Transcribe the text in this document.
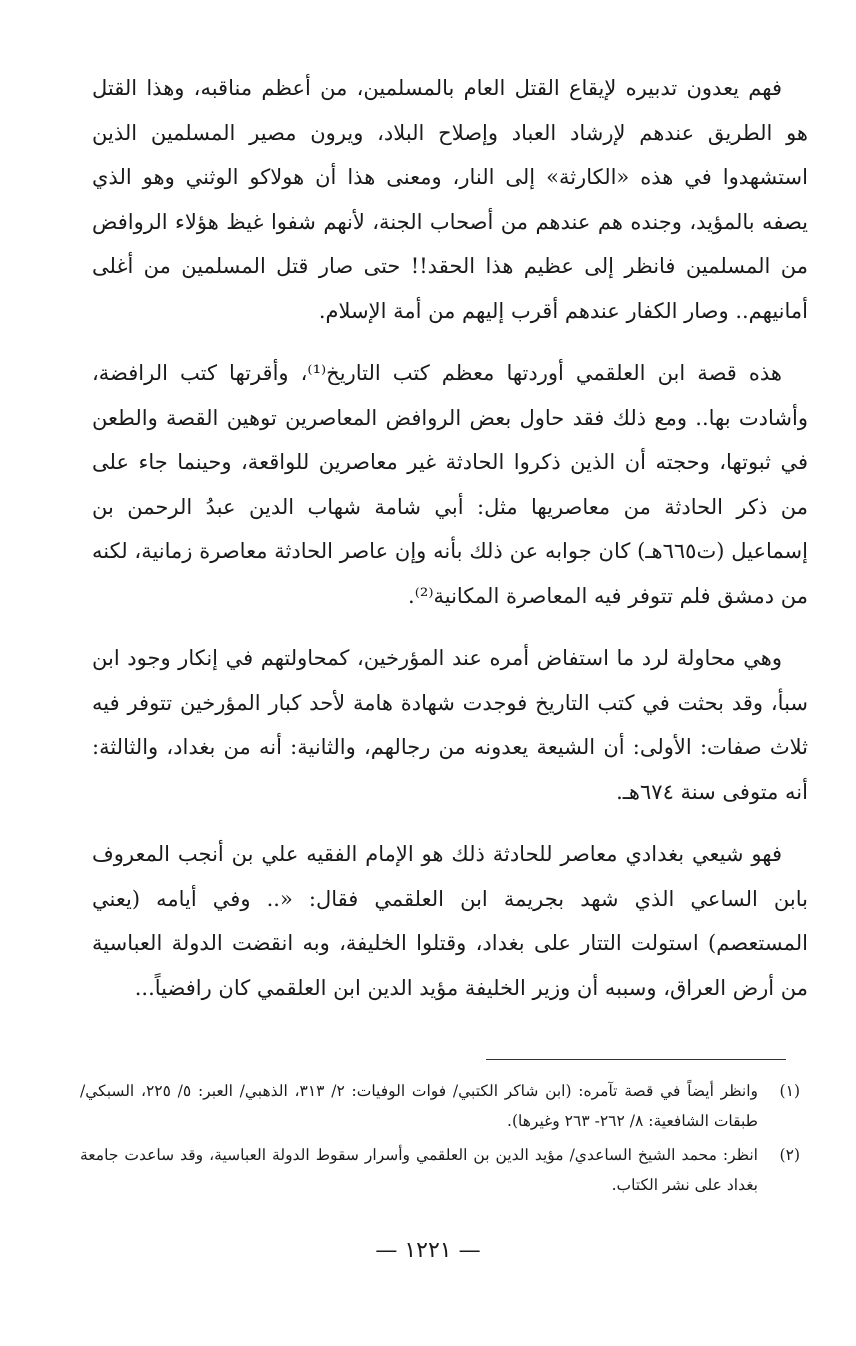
فهم يعدون تدبيره لإيقاع القتل العام بالمسلمين، من أعظم مناقبه، وهذا القتل هو الطريق عندهم لإرشاد العباد وإصلاح البلاد، ويرون مصير المسلمين الذين استشهدوا في هذه «الكارثة» إلى النار، ومعنى هذا أن هولاكو الوثني وهو الذي يصفه بالمؤيد، وجنده هم عندهم من أصحاب الجنة، لأنهم شفوا غيظ هؤلاء الروافض من المسلمين فانظر إلى عظيم هذا الحقد!! حتى صار قتل المسلمين من أغلى أمانيهم.. وصار الكفار عندهم أقرب إليهم من أمة الإسلام.

هذه قصة ابن العلقمي أوردتها معظم كتب التاريخ⁽¹⁾، وأقرتها كتب الرافضة، وأشادت بها.. ومع ذلك فقد حاول بعض الروافض المعاصرين توهين القصة والطعن في ثبوتها، وحجته أن الذين ذكروا الحادثة غير معاصرين للواقعة، وحينما جاء على من ذكر الحادثة من معاصريها مثل: أبي شامة شهاب الدين عبدُ الرحمن بن إسماعيل (ت٦٦٥هـ) كان جوابه عن ذلك بأنه وإن عاصر الحادثة معاصرة زمانية، لكنه من دمشق فلم تتوفر فيه المعاصرة المكانية⁽²⁾.

وهي محاولة لرد ما استفاض أمره عند المؤرخين، كمحاولتهم في إنكار وجود ابن سبأ، وقد بحثت في كتب التاريخ فوجدت شهادة هامة لأحد كبار المؤرخين تتوفر فيه ثلاث صفات: الأولى: أن الشيعة يعدونه من رجالهم، والثانية: أنه من بغداد، والثالثة: أنه متوفى سنة ٦٧٤هـ.

فهو شيعي بغدادي معاصر للحادثة ذلك هو الإمام الفقيه علي بن أنجب المعروف بابن الساعي الذي شهد بجريمة ابن العلقمي فقال: «.. وفي أيامه (يعني المستعصم) استولت التتار على بغداد، وقتلوا الخليفة، وبه انقضت الدولة العباسية من أرض العراق، وسببه أن وزير الخليفة مؤيد الدين ابن العلقمي كان رافضياً...

(١)
وانظر أيضاً في قصة تآمره: (ابن شاكر الكتبي/ فوات الوفيات: ٢/ ٣١٣، الذهبي/ العبر: ٥/ ٢٢٥، السبكي/ طبقات الشافعية: ٨/ ٢٦٢- ٢٦٣ وغيرها).
(٢)
انظر: محمد الشيخ الساعدي/ مؤيد الدين بن العلقمي وأسرار سقوط الدولة العباسية، وقد ساعدت جامعة بغداد على نشر الكتاب.
— ١٢٢١ —
